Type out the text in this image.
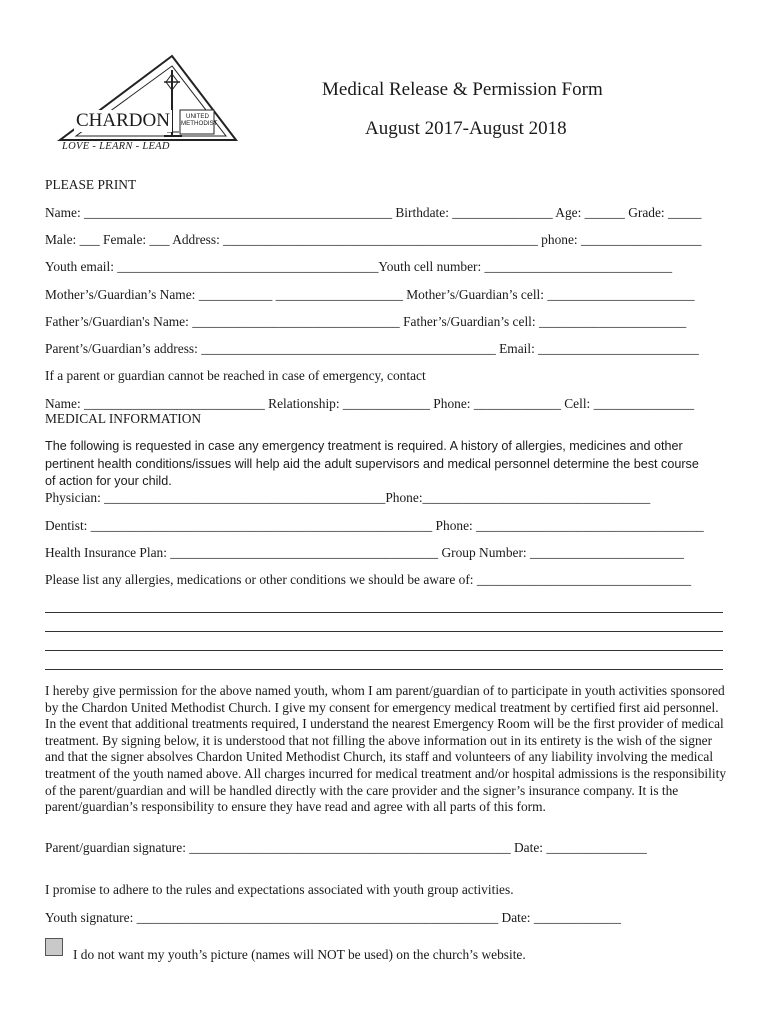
CHARDON	UNITED
METHODIST
LOVE - LEARN - LEAD
Medical Release & Permission Form
August 2017-August 2018
PLEASE PRINT
Name: ______________________________________________ Birthdate: _______________ Age: ______ Grade: _____
Male: ___ Female: ___ Address: _______________________________________________ phone: __________________
Youth email: _______________________________________Youth cell number: ____________________________
Mother’s/Guardian’s Name: ___________ ___________________ Mother’s/Guardian’s cell: ______________________
Father’s/Guardian's Name: _______________________________ Father’s/Guardian’s cell: ______________________
Parent’s/Guardian’s address: ____________________________________________ Email: ________________________
If a parent or guardian cannot be reached in case of emergency, contact
Name: ___________________________ Relationship: _____________ Phone: _____________ Cell: _______________
MEDICAL INFORMATION
The following is requested in case any emergency treatment is required. A history of allergies, medicines and other
pertinent health conditions/issues will help aid the adult supervisors and medical personnel determine the best course
of action for your child.
Physician: __________________________________________Phone:__________________________________
Dentist: ___________________________________________________ Phone: __________________________________
Health Insurance Plan: ________________________________________ Group Number: _______________________
Please list any allergies, medications or other conditions we should be aware of: ________________________________
I hereby give permission for the above named youth, whom I am parent/guardian of to participate in youth activities sponsored by the Chardon United Methodist Church. I give my consent for emergency medical treatment by certified first aid personnel. In the event that additional treatments required, I understand the nearest Emergency Room will be the first provider of medical treatment. By signing below, it is understood that not filling the above information out in its entirety is the wish of the signer and that the signer absolves Chardon United Methodist Church, its staff and volunteers of any liability involving the medical treatment of the youth named above. All charges incurred for medical treatment and/or hospital admissions is the responsibility of the parent/guardian and will be handled directly with the care provider and the signer’s insurance company. It is the parent/guardian’s responsibility to ensure they have read and agree with all parts of this form.
Parent/guardian signature: ________________________________________________ Date: _______________
I promise to adhere to the rules and expectations associated with youth group activities.
Youth signature: ______________________________________________________ Date: _____________
I do not want my youth’s picture (names will NOT be used) on the church’s website.
